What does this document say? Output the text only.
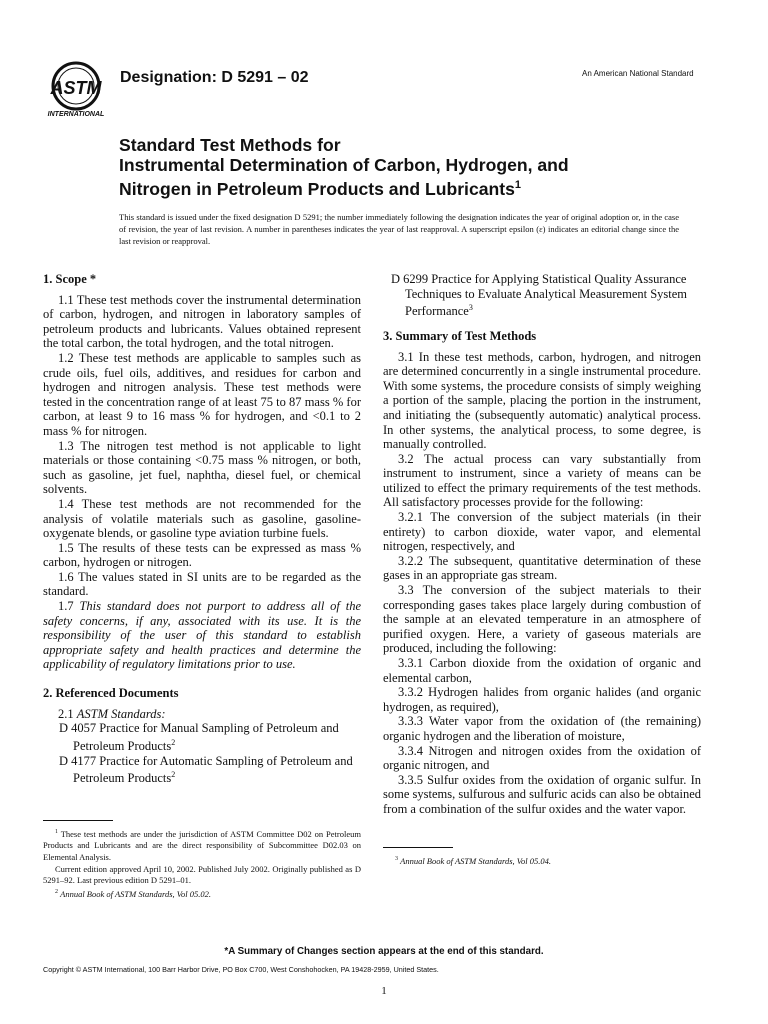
ASTM
INTERNATIONAL
Designation: D 5291 – 02	An American National Standard
Standard Test Methods for
Instrumental Determination of Carbon, Hydrogen, and
Nitrogen in Petroleum Products and Lubricants$^1$
This standard is issued under the fixed designation D 5291; the number immediately following the designation indicates the year of original adoption or, in the case of revision, the year of last revision. A number in parentheses indicates the year of last reapproval. A superscript epsilon (ε) indicates an editorial change since the last revision or reapproval.
1. Scope *

1.1 These test methods cover the instrumental determination of carbon, hydrogen, and nitrogen in laboratory samples of petroleum products and lubricants. Values obtained represent the total carbon, the total hydrogen, and the total nitrogen.

1.2 These test methods are applicable to samples such as crude oils, fuel oils, additives, and residues for carbon and hydrogen and nitrogen analysis. These test methods were tested in the concentration range of at least 75 to 87 mass % for carbon, at least 9 to 16 mass % for hydrogen, and <0.1 to 2 mass % for nitrogen.

1.3 The nitrogen test method is not applicable to light materials or those containing <0.75 mass % nitrogen, or both, such as gasoline, jet fuel, naphtha, diesel fuel, or chemical solvents.

1.4 These test methods are not recommended for the analysis of volatile materials such as gasoline, gasoline-oxygenate blends, or gasoline type aviation turbine fuels.

1.5 The results of these tests can be expressed as mass % carbon, hydrogen or nitrogen.

1.6 The values stated in SI units are to be regarded as the standard.

1.7 This standard does not purport to address all of the safety concerns, if any, associated with its use. It is the responsibility of the user of this standard to establish appropriate safety and health practices and determine the applicability of regulatory limitations prior to use.

2. Referenced Documents

2.1 ASTM Standards:

D 4057 Practice for Manual Sampling of Petroleum and Petroleum Products$^2$

D 4177 Practice for Automatic Sampling of Petroleum and Petroleum Products$^2$

$^1$ These test methods are under the jurisdiction of ASTM Committee D02 on Petroleum Products and Lubricants and are the direct responsibility of Subcommittee D02.03 on Elemental Analysis.
Current edition approved April 10, 2002. Published July 2002. Originally published as D 5291–92. Last previous edition D 5291–01.
$^2$ Annual Book of ASTM Standards, Vol 05.02.

D 6299 Practice for Applying Statistical Quality Assurance Techniques to Evaluate Analytical Measurement System Performance$^3$

3. Summary of Test Methods

3.1 In these test methods, carbon, hydrogen, and nitrogen are determined concurrently in a single instrumental procedure. With some systems, the procedure consists of simply weighing a portion of the sample, placing the portion in the instrument, and initiating the (subsequently automatic) analytical process. In other systems, the analytical process, to some degree, is manually controlled.

3.2 The actual process can vary substantially from instrument to instrument, since a variety of means can be utilized to effect the primary requirements of the test methods. All satisfactory processes provide for the following:

3.2.1 The conversion of the subject materials (in their entirety) to carbon dioxide, water vapor, and elemental nitrogen, respectively, and

3.2.2 The subsequent, quantitative determination of these gases in an appropriate gas stream.

3.3 The conversion of the subject materials to their corresponding gases takes place largely during combustion of the sample at an elevated temperature in an atmosphere of purified oxygen. Here, a variety of gaseous materials are produced, including the following:

3.3.1 Carbon dioxide from the oxidation of organic and elemental carbon,

3.3.2 Hydrogen halides from organic halides (and organic hydrogen, as required),

3.3.3 Water vapor from the oxidation of (the remaining) organic hydrogen and the liberation of moisture,

3.3.4 Nitrogen and nitrogen oxides from the oxidation of organic nitrogen, and

3.3.5 Sulfur oxides from the oxidation of organic sulfur. In some systems, sulfurous and sulfuric acids can also be obtained from a combination of the sulfur oxides and the water vapor.

$^3$ Annual Book of ASTM Standards, Vol 05.04.
*A Summary of Changes section appears at the end of this standard.
Copyright © ASTM International, 100 Barr Harbor Drive, PO Box C700, West Conshohocken, PA 19428-2959, United States.
1
